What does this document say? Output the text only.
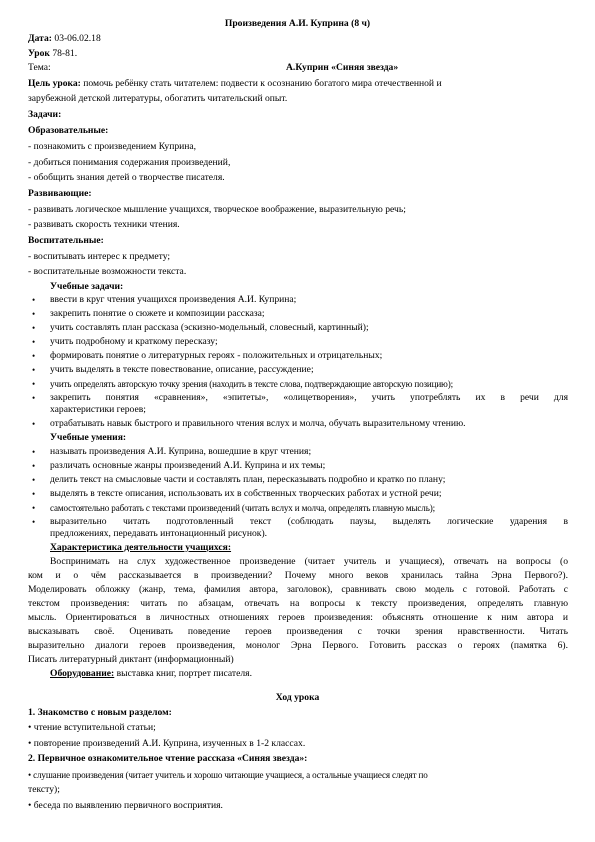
Произведения А.И. Куприна (8 ч)
Дата: 03-06.02.18
Урок 78-81.
Тема:	А.Куприн «Синяя звезда»
Цель урока: помочь ребёнку стать читателем: подвести к осознанию богатого мира отечественной и
зарубежной детской литературы, обогатить читательский опыт.
Задачи:
Образовательные:
- познакомить с произведением Куприна,
- добиться понимания содержания произведений,
- обобщить знания детей о творчестве писателя.
Развивающие:
- развивать логическое мышление учащихся, творческое воображение, выразительную речь;
- развивать скорость техники чтения.
Воспитательные:
- воспитывать интерес к предмету;
- воспитательные возможности текста.
Учебные задачи:
• ввести в круг чтения учащихся произведения А.И. Куприна;
• закрепить понятие о сюжете и композиции рассказа;
• учить составлять план рассказа (эскизно-модельный, словесный, картинный);
• учить подробному и краткому пересказу;
• формировать понятие о литературных героях - положительных и отрицательных;
• учить выделять в тексте повествование, описание, рассуждение;
• учить определять авторскую точку зрения (находить в тексте слова, подтверждающие авторскую позицию);
• закрепить понятия «сравнения», «эпитеты», «олицетворения», учить употреблять их в речи для
характеристики героев;
• отрабатывать навык быстрого и правильного чтения вслух и молча, обучать выразительному чтению.
Учебные умения:
• называть произведения А.И. Куприна, вошедшие в круг чтения;
• различать основные жанры произведений А.И. Куприна и их темы;
• делить текст на смысловые части и составлять план, пересказывать подробно и кратко по плану;
• выделять в тексте описания, использовать их в собственных творческих работах и устной речи;
• самостоятельно работать с текстами произведений (читать вслух и молча, определять главную мысль);
• выразительно читать подготовленный текст (соблюдать паузы, выделять логические ударения в
предложениях, передавать интонационный рисунок).
Характеристика деятельности учащихся:
Воспринимать на слух художественное произведение (читает учитель и учащиеся), отвечать на вопросы (о
ком и о чём рассказывается в произведении? Почему много веков хранилась тайна Эрна Первого?).
Моделировать обложку (жанр, тема, фамилия автора, заголовок), сравнивать свою модель с готовой. Работать с
текстом произведения: читать по абзацам, отвечать на вопросы к тексту произведения, определять главную
мысль. Ориентироваться в личностных отношениях героев произведения: объяснять отношение к ним автора и
высказывать своё. Оценивать поведение героев произведения с точки зрения нравственности. Читать
выразительно диалоги героев произведения, монолог Эрна Первого. Готовить рассказ о героях (памятка 6).
Писать литературный диктант (информационный)
Оборудование: выставка книг, портрет писателя.
Ход урока
1. Знакомство с новым разделом:
• чтение вступительной статьи;
• повторение произведений А.И. Куприна, изученных в 1-2 классах.
2. Первичное ознакомительное чтение рассказа «Синяя звезда»:
• слушание произведения (читает учитель и хорошо читающие учащиеся, а остальные учащиеся следят по
тексту);
• беседа по выявлению первичного восприятия.
